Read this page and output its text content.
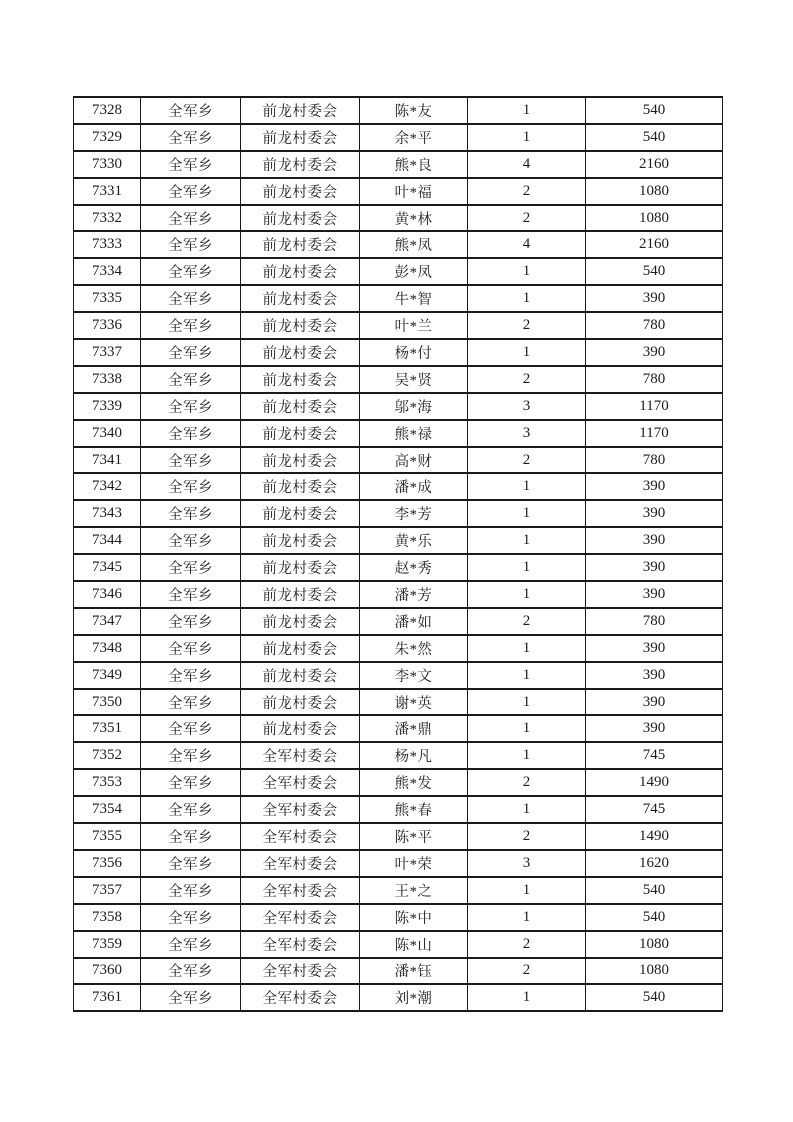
7328	全军乡	前龙村委会	陈*友	1	540
7329	全军乡	前龙村委会	余*平	1	540
7330	全军乡	前龙村委会	熊*良	4	2160
7331	全军乡	前龙村委会	叶*福	2	1080
7332	全军乡	前龙村委会	黄*林	2	1080
7333	全军乡	前龙村委会	熊*凤	4	2160
7334	全军乡	前龙村委会	彭*凤	1	540
7335	全军乡	前龙村委会	牛*智	1	390
7336	全军乡	前龙村委会	叶*兰	2	780
7337	全军乡	前龙村委会	杨*付	1	390
7338	全军乡	前龙村委会	吴*贤	2	780
7339	全军乡	前龙村委会	邬*海	3	1170
7340	全军乡	前龙村委会	熊*禄	3	1170
7341	全军乡	前龙村委会	高*财	2	780
7342	全军乡	前龙村委会	潘*成	1	390
7343	全军乡	前龙村委会	李*芳	1	390
7344	全军乡	前龙村委会	黄*乐	1	390
7345	全军乡	前龙村委会	赵*秀	1	390
7346	全军乡	前龙村委会	潘*芳	1	390
7347	全军乡	前龙村委会	潘*如	2	780
7348	全军乡	前龙村委会	朱*然	1	390
7349	全军乡	前龙村委会	李*文	1	390
7350	全军乡	前龙村委会	谢*英	1	390
7351	全军乡	前龙村委会	潘*鼎	1	390
7352	全军乡	全军村委会	杨*凡	1	745
7353	全军乡	全军村委会	熊*发	2	1490
7354	全军乡	全军村委会	熊*春	1	745
7355	全军乡	全军村委会	陈*平	2	1490
7356	全军乡	全军村委会	叶*荣	3	1620
7357	全军乡	全军村委会	王*之	1	540
7358	全军乡	全军村委会	陈*中	1	540
7359	全军乡	全军村委会	陈*山	2	1080
7360	全军乡	全军村委会	潘*钰	2	1080
7361	全军乡	全军村委会	刘*潮	1	540
